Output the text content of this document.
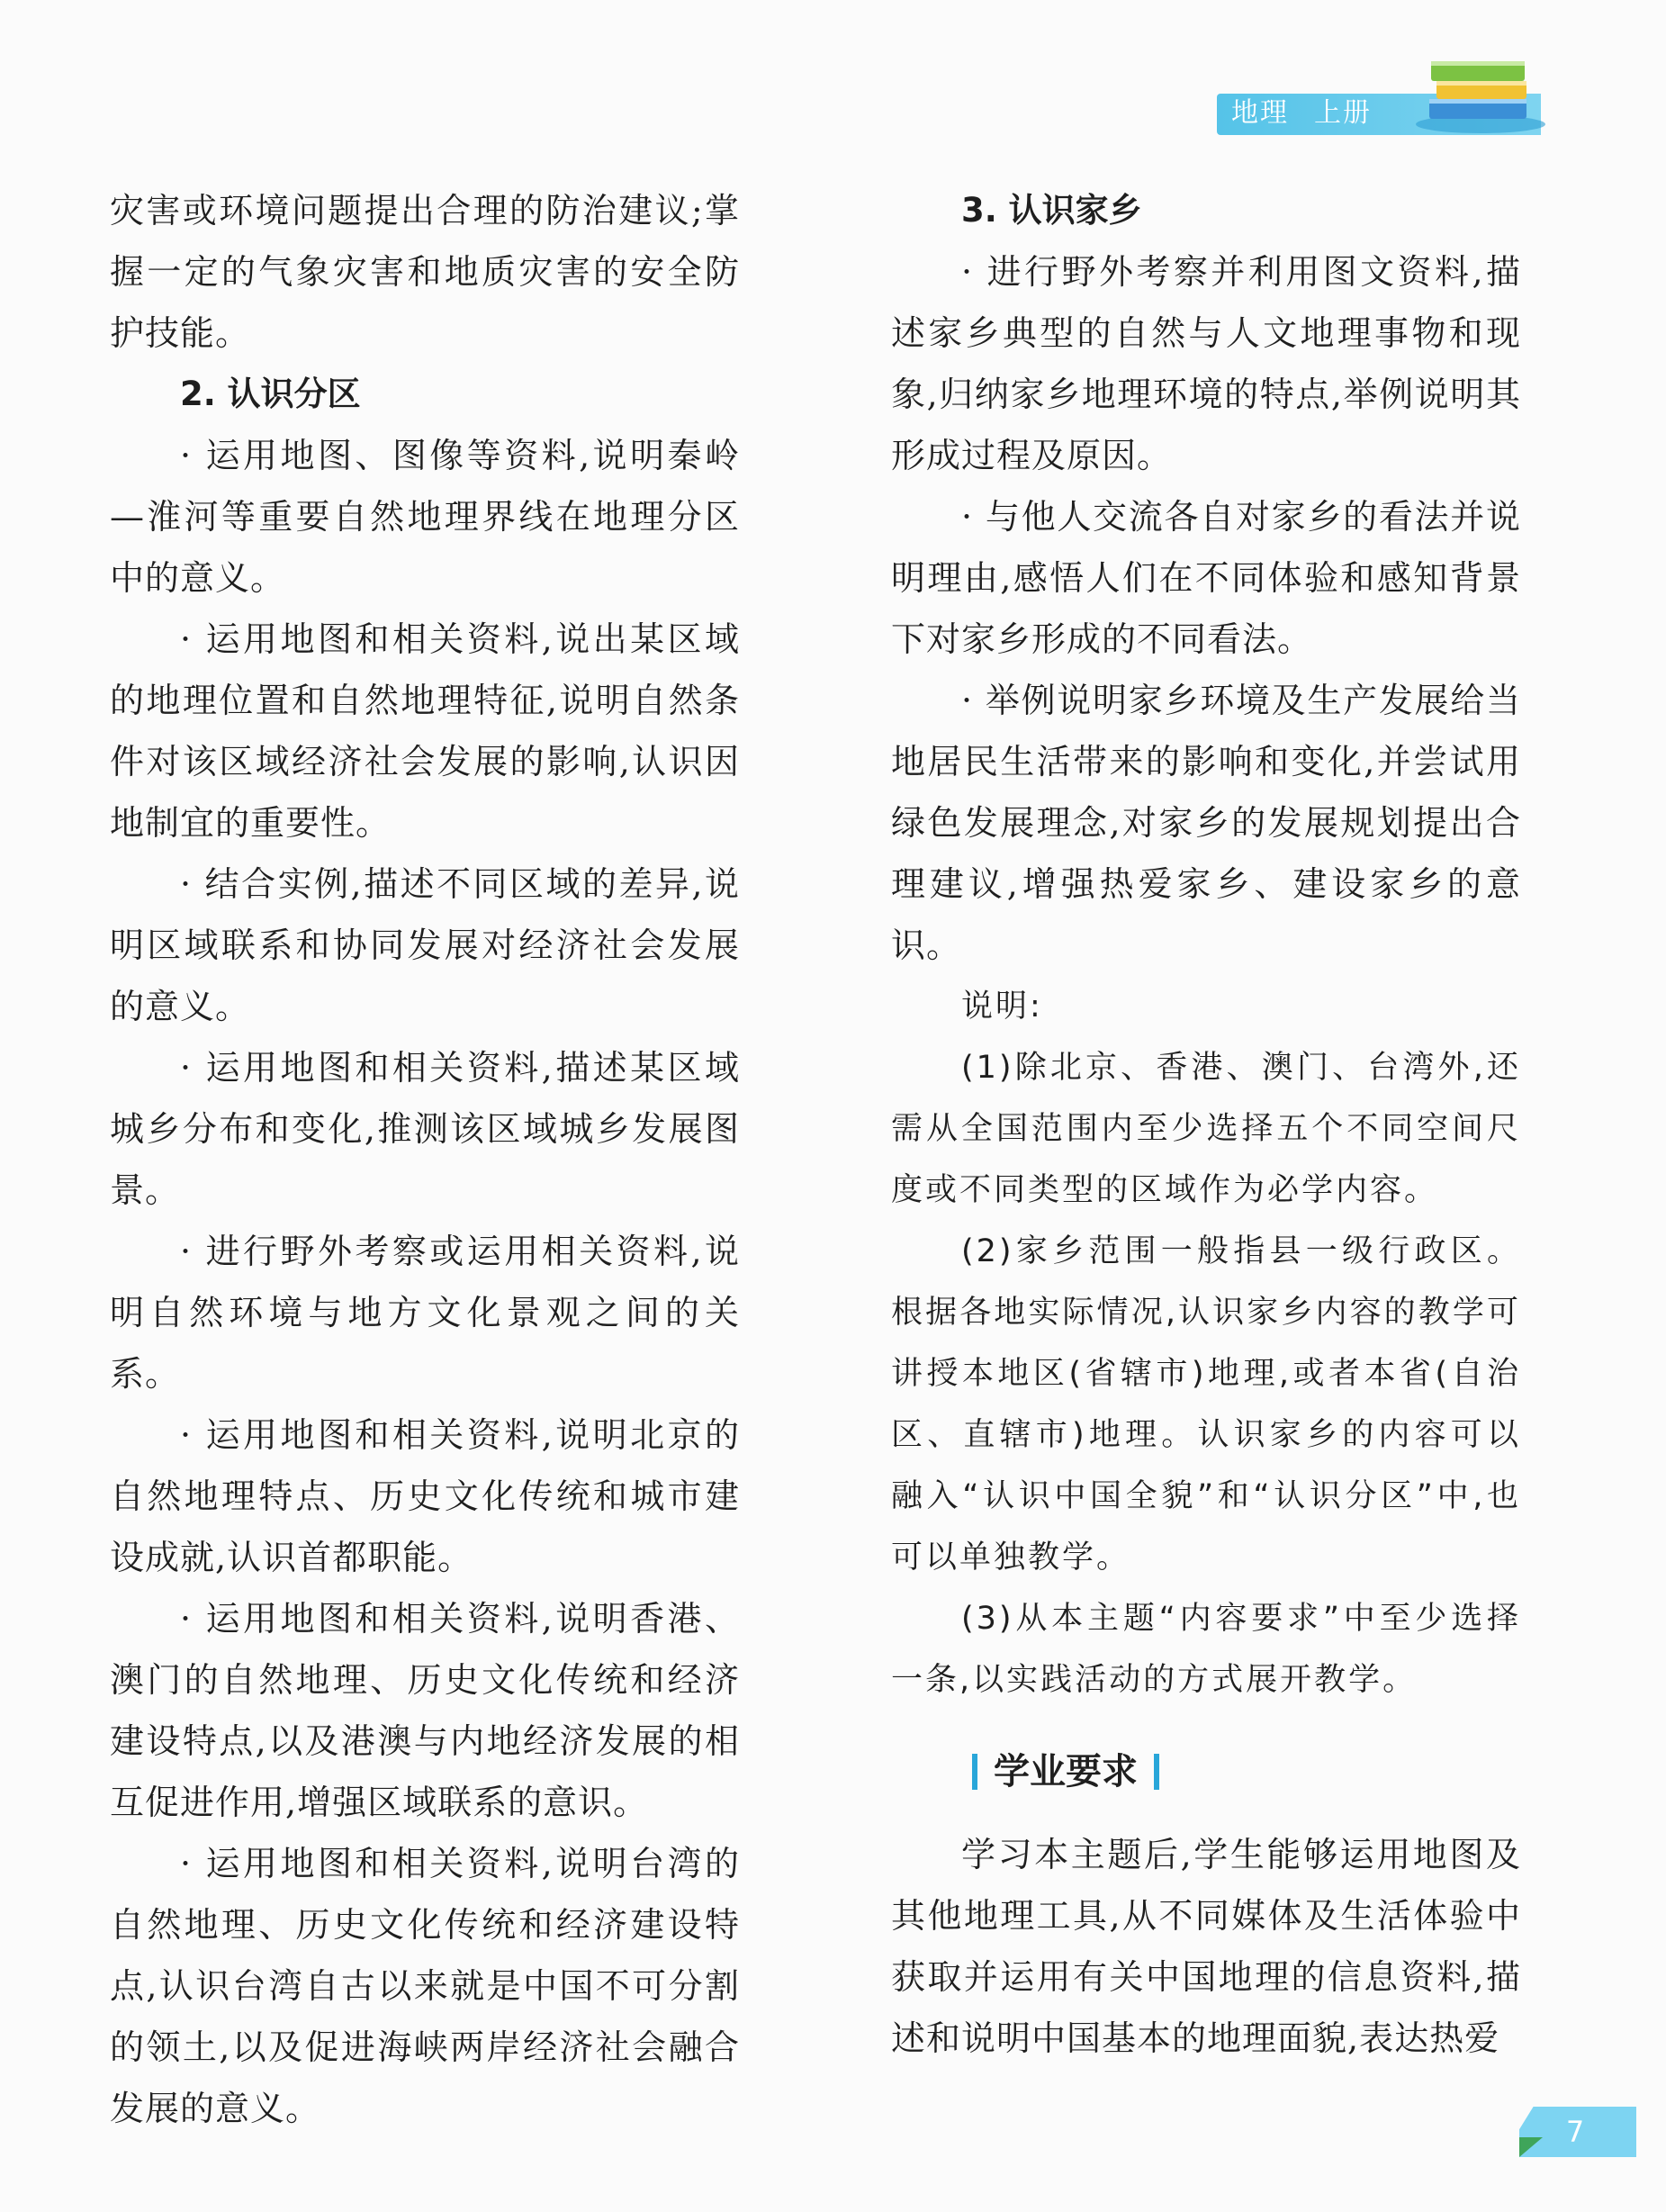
地理 上册

灾害或环境问题提出合理的防治建议;掌握一定的气象灾害和地质灾害的安全防护技能。

2. 认识分区

· 运用地图、图像等资料,说明秦岭—淮河等重要自然地理界线在地理分区中的意义。

· 运用地图和相关资料,说出某区域的地理位置和自然地理特征,说明自然条件对该区域经济社会发展的影响,认识因地制宜的重要性。

· 结合实例,描述不同区域的差异,说明区域联系和协同发展对经济社会发展的意义。

· 运用地图和相关资料,描述某区域城乡分布和变化,推测该区域城乡发展图景。

· 进行野外考察或运用相关资料,说明自然环境与地方文化景观之间的关系。

· 运用地图和相关资料,说明北京的自然地理特点、历史文化传统和城市建设成就,认识首都职能。

· 运用地图和相关资料,说明香港、澳门的自然地理、历史文化传统和经济建设特点,以及港澳与内地经济发展的相互促进作用,增强区域联系的意识。

· 运用地图和相关资料,说明台湾的自然地理、历史文化传统和经济建设特点,认识台湾自古以来就是中国不可分割的领土,以及促进海峡两岸经济社会融合发展的意义。

3. 认识家乡

· 进行野外考察并利用图文资料,描述家乡典型的自然与人文地理事物和现象,归纳家乡地理环境的特点,举例说明其形成过程及原因。

· 与他人交流各自对家乡的看法并说明理由,感悟人们在不同体验和感知背景下对家乡形成的不同看法。

· 举例说明家乡环境及生产发展给当地居民生活带来的影响和变化,并尝试用绿色发展理念,对家乡的发展规划提出合理建议,增强热爱家乡、建设家乡的意识。

说明:

(1)除北京、香港、澳门、台湾外,还需从全国范围内至少选择五个不同空间尺度或不同类型的区域作为必学内容。

(2)家乡范围一般指县一级行政区。根据各地实际情况,认识家乡内容的教学可讲授本地区(省辖市)地理,或者本省(自治区、直辖市)地理。认识家乡的内容可以融入“认识中国全貌”和“认识分区”中,也可以单独教学。

(3)从本主题“内容要求”中至少选择一条,以实践活动的方式展开教学。

学业要求

学习本主题后,学生能够运用地图及其他地理工具,从不同媒体及生活体验中获取并运用有关中国地理的信息资料,描述和说明中国基本的地理面貌,表达热爱

7
